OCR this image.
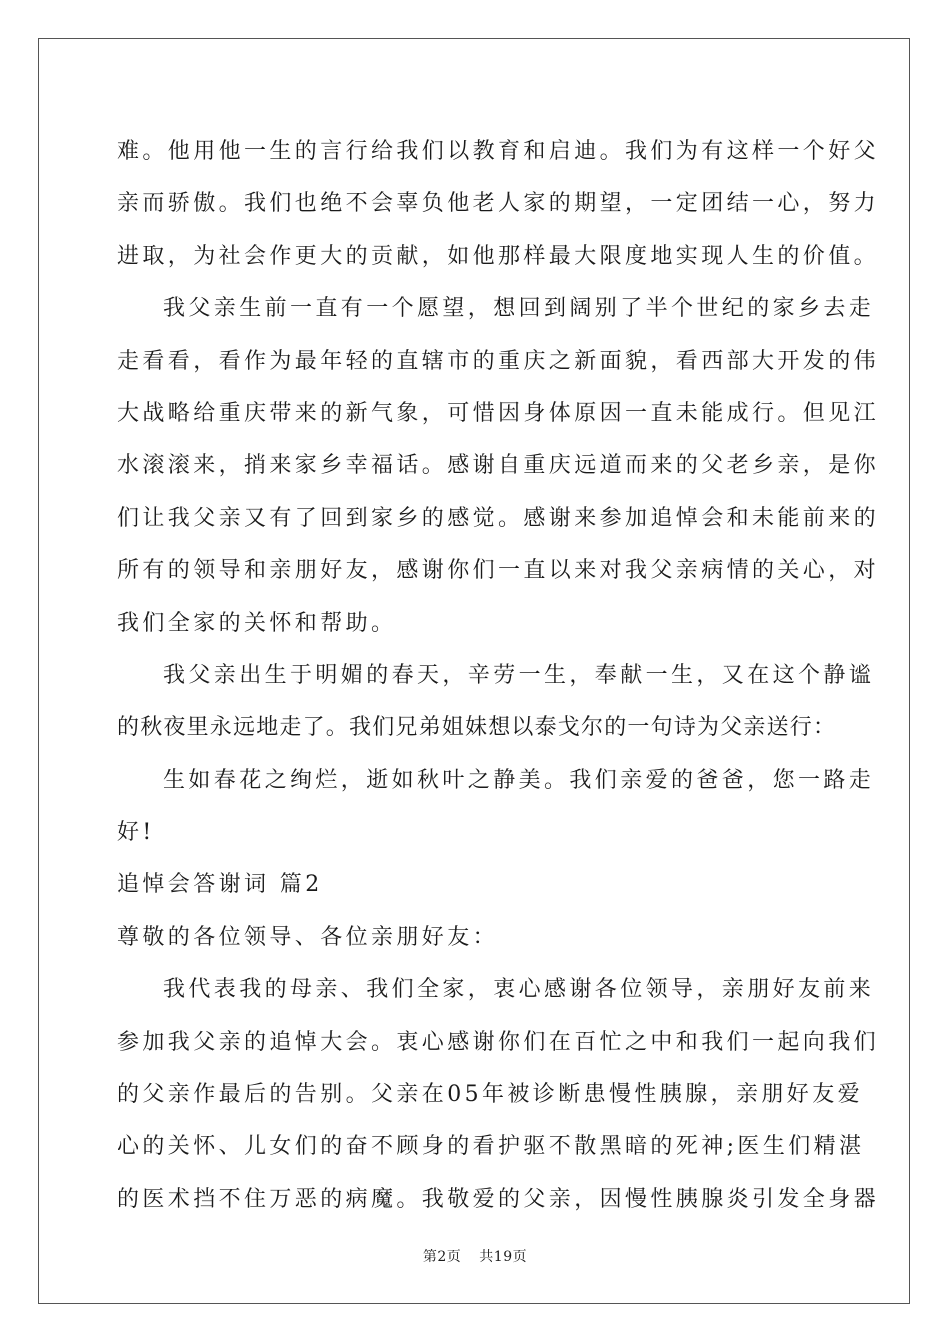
难。他用他一生的言行给我们以教育和启迪。我们为有这样一个好父
亲而骄傲。我们也绝不会辜负他老人家的期望，一定团结一心，努力
进取，为社会作更大的贡献，如他那样最大限度地实现人生的价值。
我父亲生前一直有一个愿望，想回到阔别了半个世纪的家乡去走
走看看，看作为最年轻的直辖市的重庆之新面貌，看西部大开发的伟
大战略给重庆带来的新气象，可惜因身体原因一直未能成行。但见江
水滚滚来，捎来家乡幸福话。感谢自重庆远道而来的父老乡亲，是你
们让我父亲又有了回到家乡的感觉。感谢来参加追悼会和未能前来的
所有的领导和亲朋好友，感谢你们一直以来对我父亲病情的关心，对
我们全家的关怀和帮助。
我父亲出生于明媚的春天，辛劳一生，奉献一生，又在这个静谧
的秋夜里永远地走了。我们兄弟姐妹想以泰戈尔的一句诗为父亲送行：
生如春花之绚烂，逝如秋叶之静美。我们亲爱的爸爸，您一路走
好!
追悼会答谢词 篇2
尊敬的各位领导、各位亲朋好友：
我代表我的母亲、我们全家，衷心感谢各位领导，亲朋好友前来
参加我父亲的追悼大会。衷心感谢你们在百忙之中和我们一起向我们
的父亲作最后的告别。父亲在05年被诊断患慢性胰腺，亲朋好友爱
心的关怀、儿女们的奋不顾身的看护驱不散黑暗的死神;医生们精湛
的医术挡不住万恶的病魔。我敬爱的父亲，因慢性胰腺炎引发全身器
第2页 共19页
